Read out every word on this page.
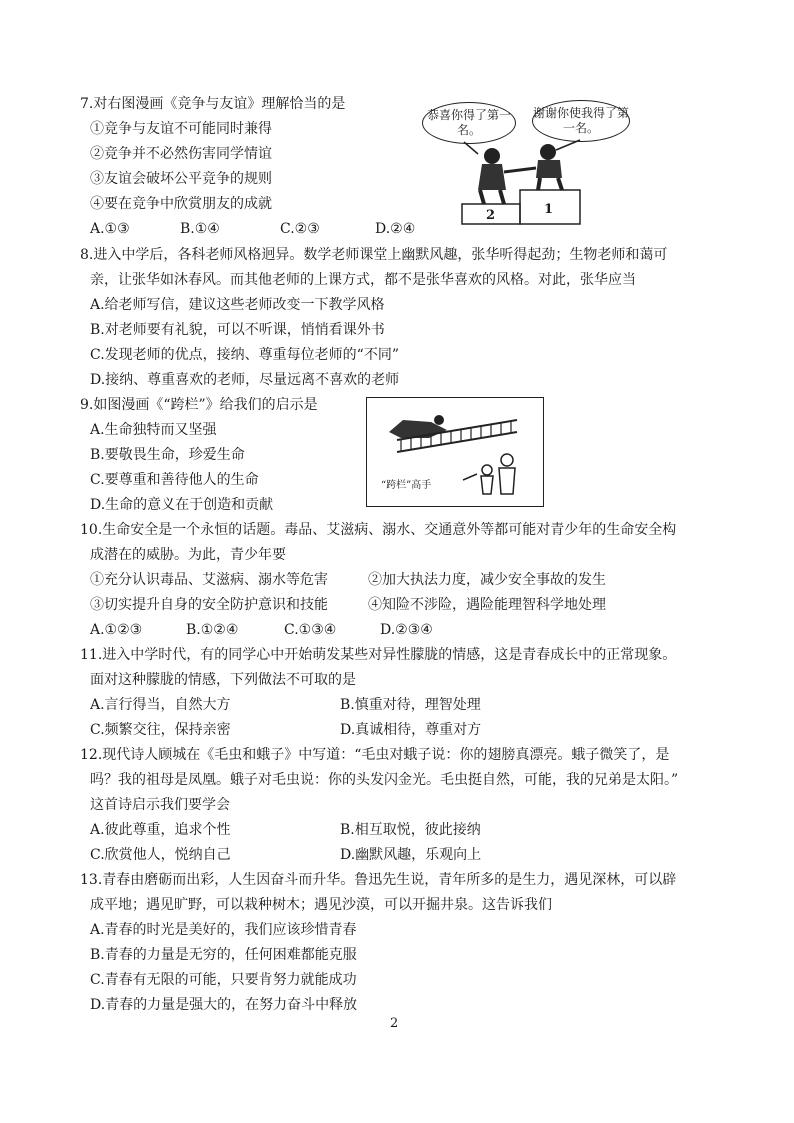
7.对右图漫画《竞争与友谊》理解恰当的是
①竞争与友谊不可能同时兼得
②竞争并不必然伤害同学情谊
③友谊会破坏公平竞争的规则
④要在竞争中欣赏朋友的成就
A.①③	B.①④	C.②③	D.②④
恭喜你得了第一名。
谢谢你使我得了第一名。
2	1
8.进入中学后，各科老师风格迥异。数学老师课堂上幽默风趣，张华听得起劲；生物老师和蔼可
亲，让张华如沐春风。而其他老师的上课方式，都不是张华喜欢的风格。对此，张华应当
A.给老师写信，建议这些老师改变一下教学风格
B.对老师要有礼貌，可以不听课，悄悄看课外书
C.发现老师的优点，接纳、尊重每位老师的“不同”
D.接纳、尊重喜欢的老师，尽量远离不喜欢的老师
9.如图漫画《“跨栏”》给我们的启示是
A.生命独特而又坚强
B.要敬畏生命，珍爱生命
C.要尊重和善待他人的生命
D.生命的意义在于创造和贡献
“跨栏”高手
10.生命安全是一个永恒的话题。毒品、艾滋病、溺水、交通意外等都可能对青少年的生命安全构
成潜在的威胁。为此，青少年要
①充分认识毒品、艾滋病、溺水等危害	②加大执法力度，减少安全事故的发生
③切实提升自身的安全防护意识和技能	④知险不涉险，遇险能理智科学地处理
A.①②③	B.①②④	C.①③④	D.②③④
11.进入中学时代，有的同学心中开始萌发某些对异性朦胧的情感，这是青春成长中的正常现象。
面对这种朦胧的情感，下列做法不可取的是
A.言行得当，自然大方	B.慎重对待，理智处理
C.频繁交往，保持亲密	D.真诚相待，尊重对方
12.现代诗人顾城在《毛虫和蛾子》中写道：“毛虫对蛾子说：你的翅膀真漂亮。蛾子微笑了，是
吗？我的祖母是凤凰。蛾子对毛虫说：你的头发闪金光。毛虫挺自然，可能，我的兄弟是太阳。”
这首诗启示我们要学会
A.彼此尊重，追求个性	B.相互取悦，彼此接纳
C.欣赏他人，悦纳自己	D.幽默风趣，乐观向上
13.青春由磨砺而出彩，人生因奋斗而升华。鲁迅先生说，青年所多的是生力，遇见深林，可以辟
成平地；遇见旷野，可以栽种树木；遇见沙漠，可以开掘井泉。这告诉我们
A.青春的时光是美好的，我们应该珍惜青春
B.青春的力量是无穷的，任何困难都能克服
C.青春有无限的可能，只要肯努力就能成功
D.青春的力量是强大的，在努力奋斗中释放
2
